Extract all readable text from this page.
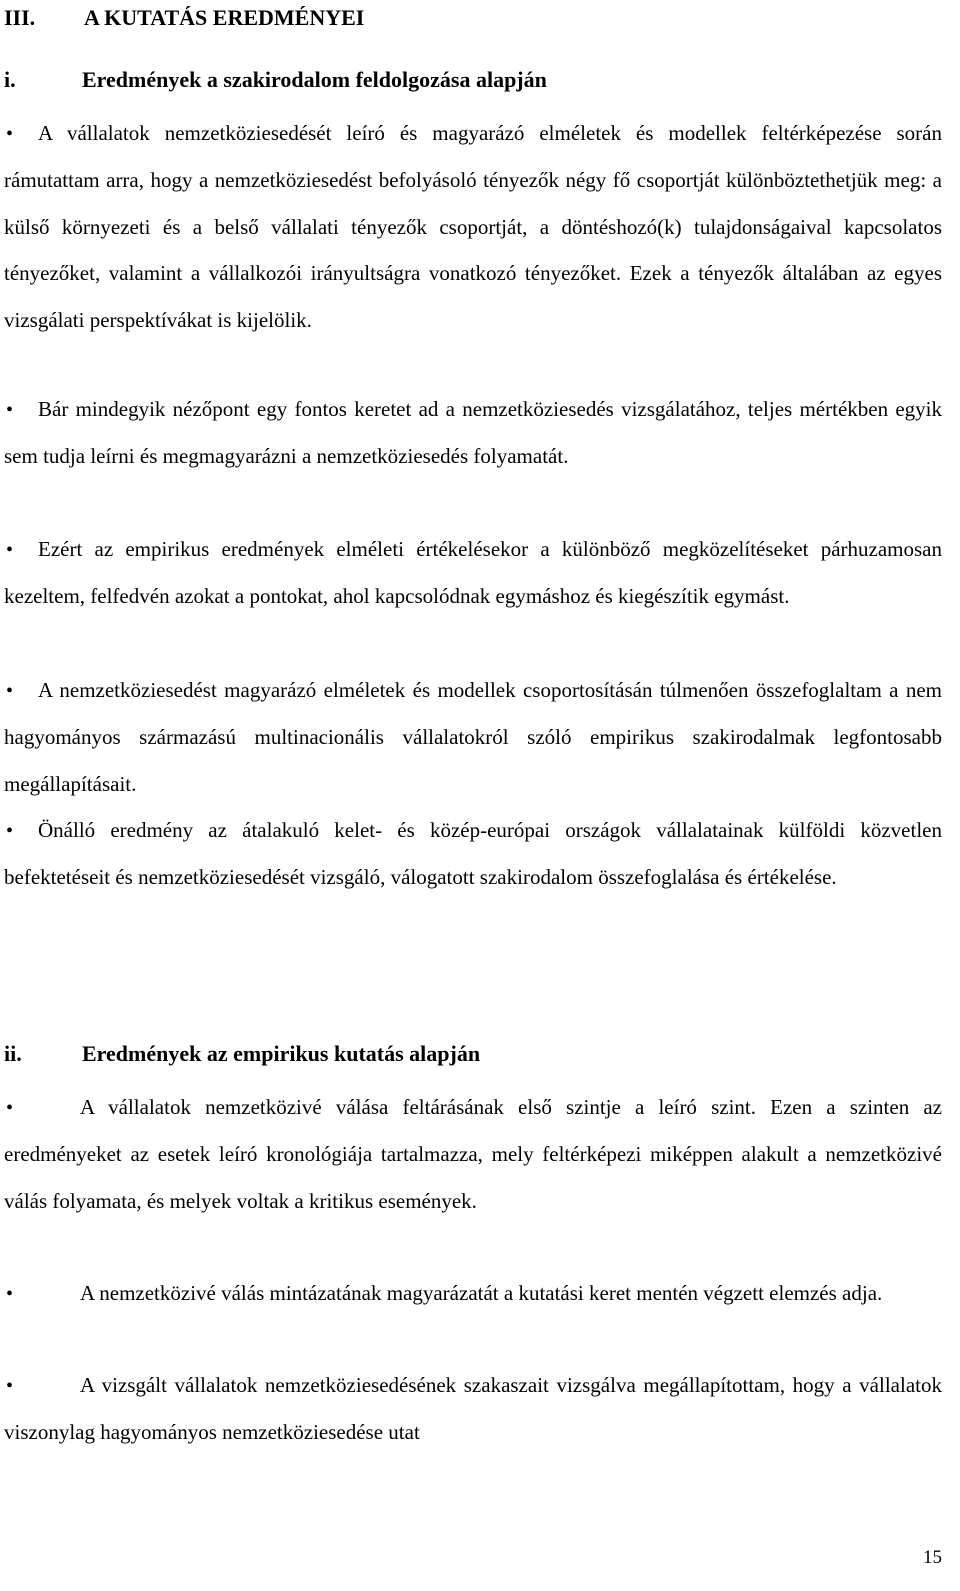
III. A KUTATÁS EREDMÉNYEI
i.	Eredmények a szakirodalom feldolgozása alapján

• A vállalatok nemzetköziesedését leíró és magyarázó elméletek és modellek feltérképezése során rámutattam arra, hogy a nemzetköziesedést befolyásoló tényezők négy fő csoportját különböztethetjük meg: a külső környezeti és a belső vállalati tényezők csoportját, a döntéshozó(k) tulajdonságaival kapcsolatos tényezőket, valamint a vállalkozói irányultságra vonatkozó tényezőket. Ezek a tényezők általában az egyes vizsgálati perspektívákat is kijelölik.

• Bár mindegyik nézőpont egy fontos keretet ad a nemzetköziesedés vizsgálatához, teljes mértékben egyik sem tudja leírni és megmagyarázni a nemzetköziesedés folyamatát.

• Ezért az empirikus eredmények elméleti értékelésekor a különböző megközelítéseket párhuzamosan kezeltem, felfedvén azokat a pontokat, ahol kapcsolódnak egymáshoz és kiegészítik egymást.

• A nemzetköziesedést magyarázó elméletek és modellek csoportosításán túlmenően összefoglaltam a nem hagyományos származású multinacionális vállalatokról szóló empirikus szakirodalmak legfontosabb megállapításait.

• Önálló eredmény az átalakuló kelet- és közép-európai országok vállalatainak külföldi közvetlen befektetéseit és nemzetköziesedését vizsgáló, válogatott szakirodalom összefoglalása és értékelése.

ii.	Eredmények az empirikus kutatás alapján

•	A vállalatok nemzetközivé válása feltárásának első szintje a leíró szint. Ezen a szinten az eredményeket az esetek leíró kronológiája tartalmazza, mely feltérképezi miképpen alakult a nemzetközivé válás folyamata, és melyek voltak a kritikus események.

•	A nemzetközivé válás mintázatának magyarázatát a kutatási keret mentén végzett elemzés adja.

•	A vizsgált vállalatok nemzetköziesedésének szakaszait vizsgálva megállapítottam, hogy a vállalatok viszonylag hagyományos nemzetköziesedése utat

15
